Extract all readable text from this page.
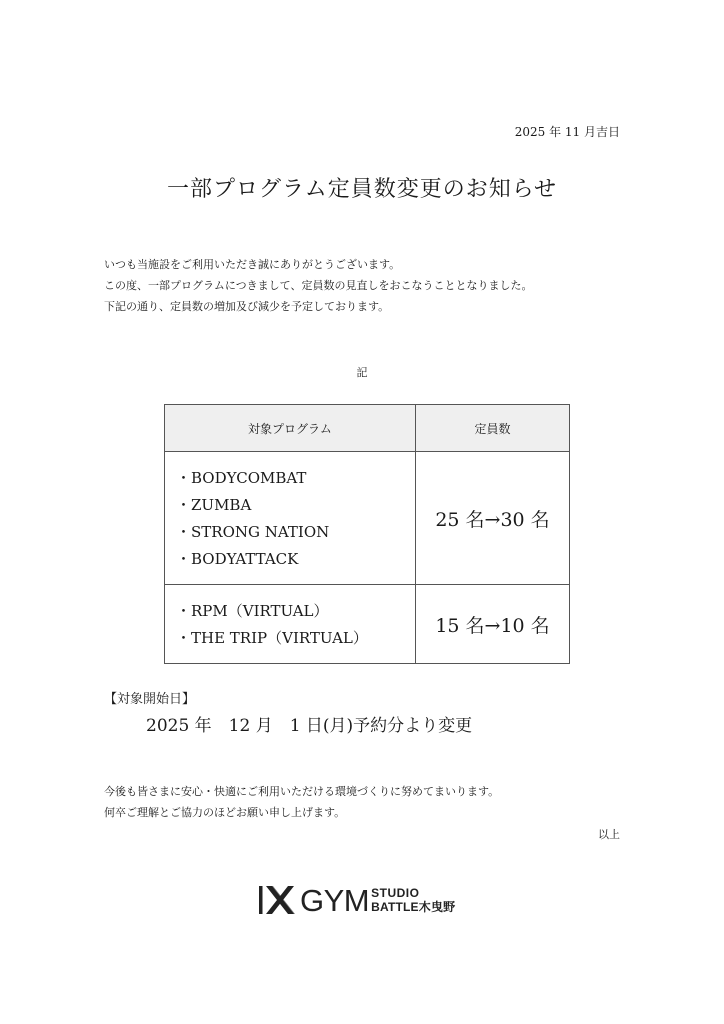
2025 年 11 月吉日
一部プログラム定員数変更のお知らせ

いつも当施設をご利用いただき誠にありがとうございます。

この度、一部プログラムにつきまして、定員数の見直しをおこなうこととなりました。

下記の通り、定員数の増加及び減少を予定しております。

記
対象プログラム	定員数

・BODYCOMBAT
・ZUMBA
・STRONG NATION
・BODYATTACK	25 名→30 名

・RPM（VIRTUAL）
・THE TRIP（VIRTUAL）	15 名→10 名
【対象開始日】
2025 年　12 月　1 日(月)予約分より変更

今後も皆さまに安心・快適にご利用いただける環境づくりに努めてまいります。

何卒ご理解とご協力のほどお願い申し上げます。

以上
GYM STUDIO
BATTLE木曳野
